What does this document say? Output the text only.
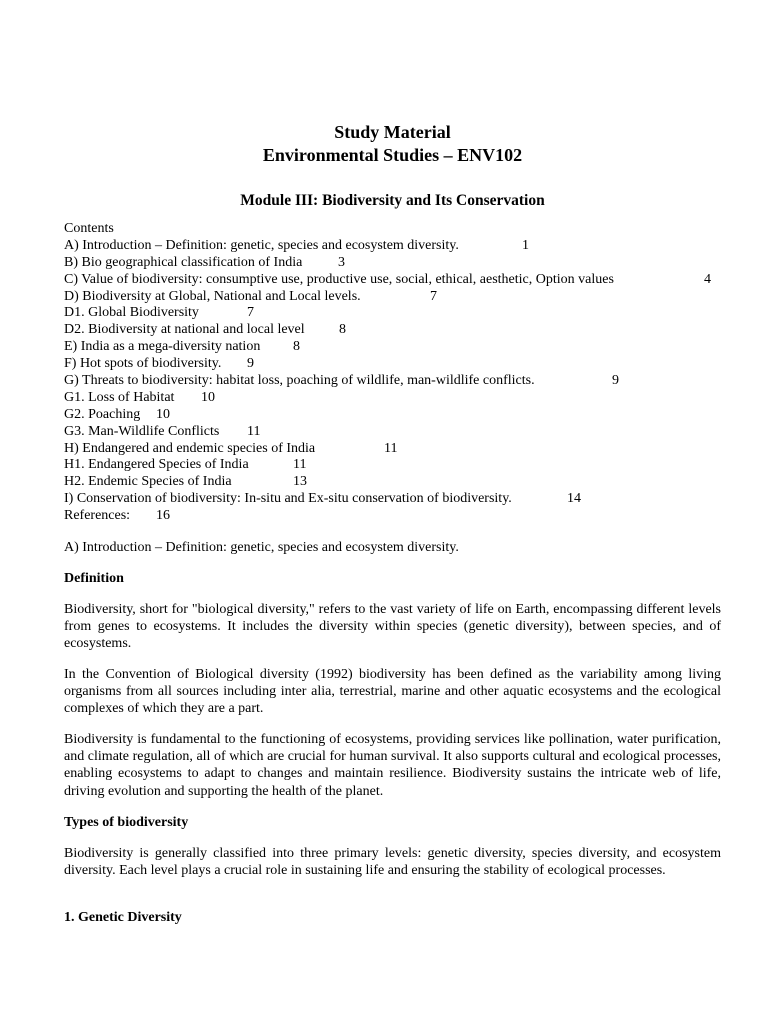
Study Material
Environmental Studies – ENV102
Module III: Biodiversity and Its Conservation
Contents
A) Introduction – Definition: genetic, species and ecosystem diversity.	1
B) Bio geographical classification of India	3
C) Value of biodiversity: consumptive use, productive use, social, ethical, aesthetic, Option values	4
D) Biodiversity at Global, National and Local levels.	7
D1. Global Biodiversity	7
D2. Biodiversity at national and local level 8
E) India as a mega-diversity nation 8
F) Hot spots of biodiversity. 9
G) Threats to biodiversity: habitat loss, poaching of wildlife, man-wildlife conflicts.	9
G1. Loss of Habitat 10
G2. Poaching 10
G3. Man-Wildlife Conflicts 11
H) Endangered and endemic species of India	11
H1. Endangered Species of India	11
H2. Endemic Species of India	13
I) Conservation of biodiversity: In-situ and Ex-situ conservation of biodiversity.	14
References: 16
A) Introduction – Definition: genetic, species and ecosystem diversity.
Definition
Biodiversity, short for "biological diversity," refers to the vast variety of life on Earth, encompassing different levels from genes to ecosystems. It includes the diversity within species (genetic diversity), between species, and of ecosystems.
In the Convention of Biological diversity (1992) biodiversity has been defined as the variability among living organisms from all sources including inter alia, terrestrial, marine and other aquatic ecosystems and the ecological complexes of which they are a part.
Biodiversity is fundamental to the functioning of ecosystems, providing services like pollination, water purification, and climate regulation, all of which are crucial for human survival. It also supports cultural and ecological processes, enabling ecosystems to adapt to changes and maintain resilience. Biodiversity sustains the intricate web of life, driving evolution and supporting the health of the planet.
Types of biodiversity
Biodiversity is generally classified into three primary levels: genetic diversity, species diversity, and ecosystem diversity. Each level plays a crucial role in sustaining life and ensuring the stability of ecological processes.
1. Genetic Diversity
